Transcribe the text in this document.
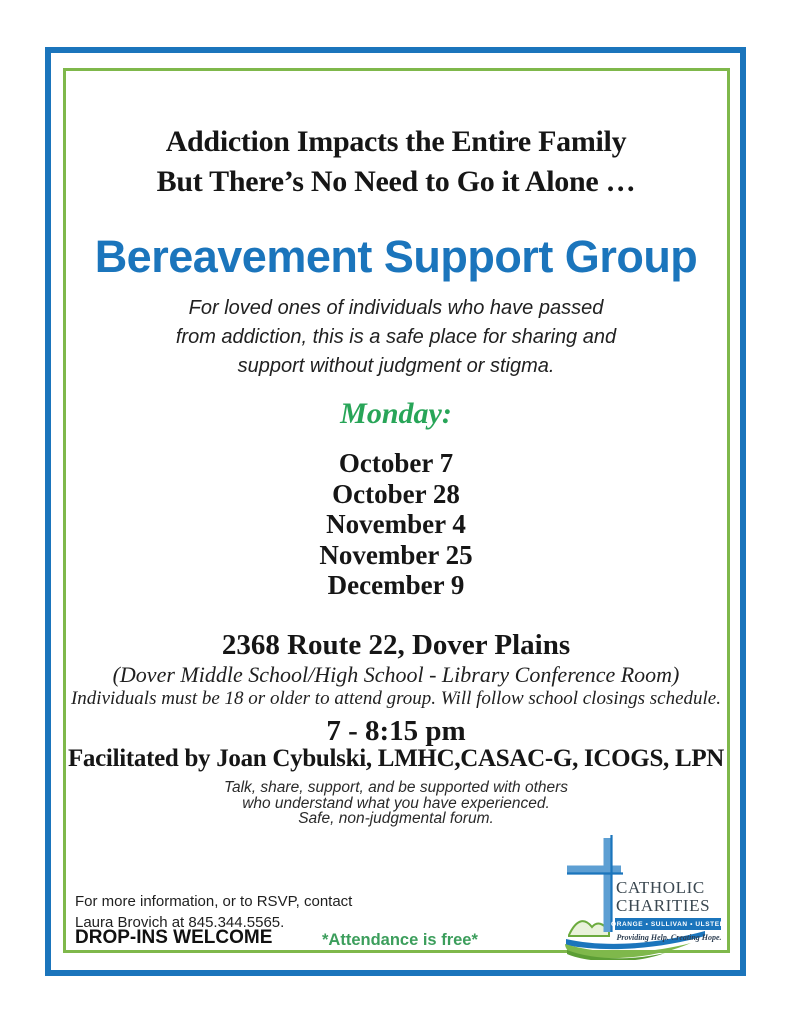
Addiction Impacts the Entire Family
But There’s No Need to Go it Alone …
Bereavement Support Group
For loved ones of individuals who have passed
from addiction, this is a safe place for sharing and
support without judgment or stigma.
Monday:
October 7
October 28
November 4
November 25
December 9
2368 Route 22, Dover Plains
(Dover Middle School/High School - Library Conference Room)
Individuals must be 18 or older to attend group. Will follow school closings schedule.
7 - 8:15 pm
Facilitated by Joan Cybulski, LMHC,CASAC-G, ICOGS, LPN
Talk, share, support, and be supported with others
who understand what you have experienced.
Safe, non-judgmental forum.
For more information, or to RSVP, contact
Laura Brovich at 845.344.5565.
DROP-INS WELCOME	*Attendance is free*
CATHOLIC
CHARITIES
ORANGE • SULLIVAN • ULSTER
Providing Help. Creating Hope.
